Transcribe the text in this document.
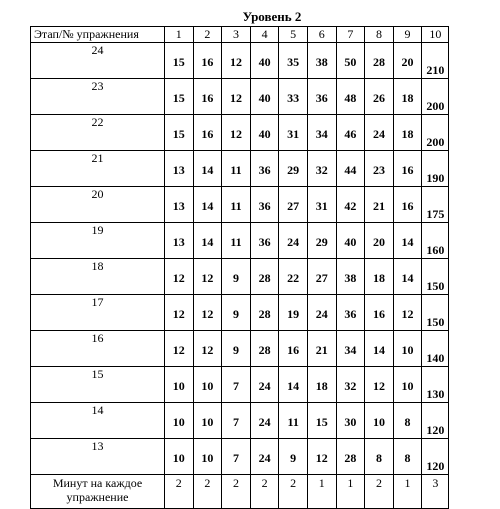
Уровень 2
Этап/№ упражнения	1	2	3	4	5	6	7	8	9	10
24	15	16	12	40	35	38	50	28	20	210
23	15	16	12	40	33	36	48	26	18	200
22	15	16	12	40	31	34	46	24	18	200
21	13	14	11	36	29	32	44	23	16	190
20	13	14	11	36	27	31	42	21	16	175
19	13	14	11	36	24	29	40	20	14	160
18	12	12	9	28	22	27	38	18	14	150
17	12	12	9	28	19	24	36	16	12	150
16	12	12	9	28	16	21	34	14	10	140
15	10	10	7	24	14	18	32	12	10	130
14	10	10	7	24	11	15	30	10	8	120
13	10	10	7	24	9	12	28	8	8	120
Минут на каждое
упражнение	2	2	2	2	2	1	1	2	1	3
